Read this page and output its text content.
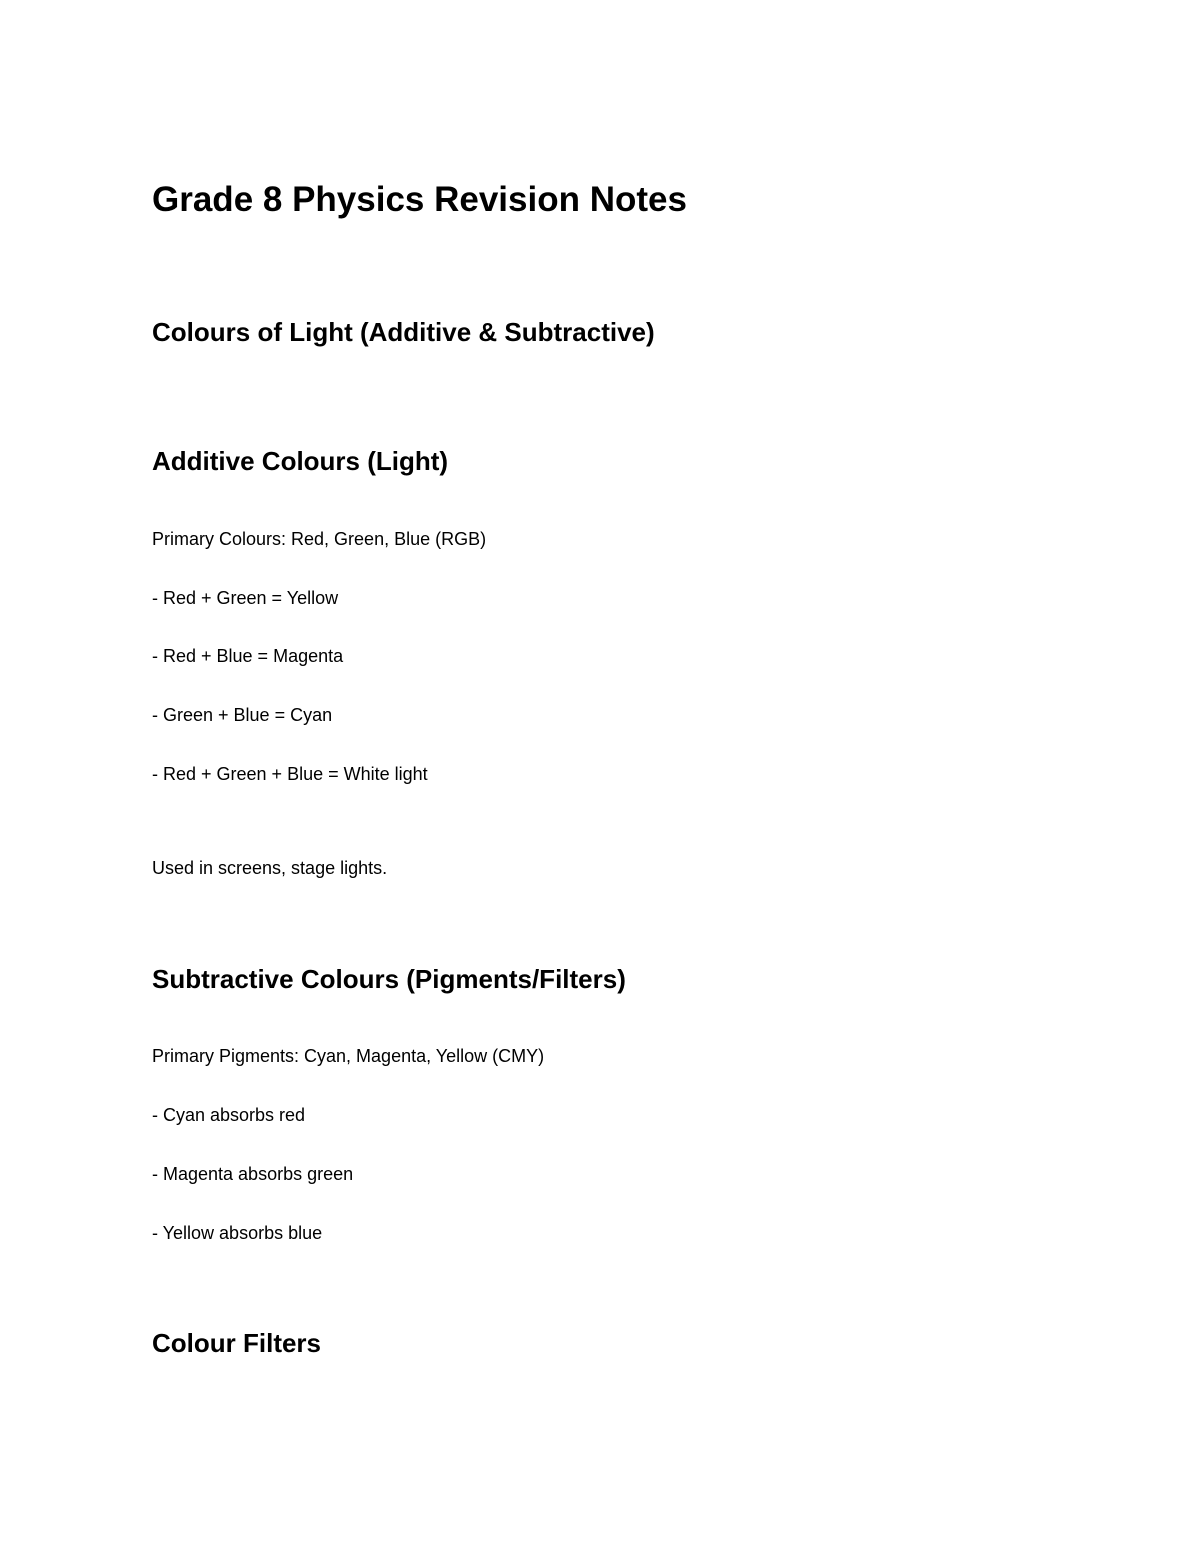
Grade 8 Physics Revision Notes
Colours of Light (Additive & Subtractive)
Additive Colours (Light)

Primary Colours: Red, Green, Blue (RGB)

- Red + Green = Yellow

- Red + Blue = Magenta

- Green + Blue = Cyan

- Red + Green + Blue = White light

Used in screens, stage lights.

Subtractive Colours (Pigments/Filters)

Primary Pigments: Cyan, Magenta, Yellow (CMY)

- Cyan absorbs red

- Magenta absorbs green

- Yellow absorbs blue

Colour Filters
